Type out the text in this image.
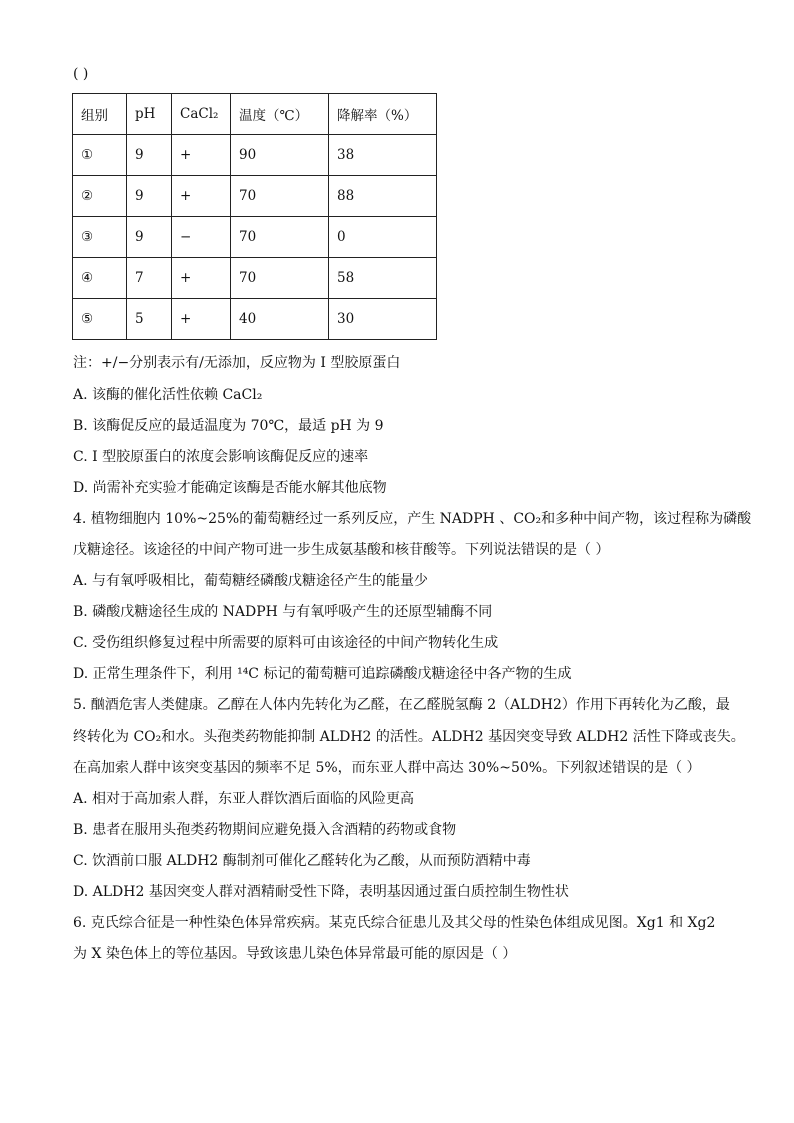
( )
组别	pH	CaCl₂	温度（℃）	降解率（%）
①	9	+	90	38
②	9	+	70	88
③	9	−	70	0
④	7	+	70	58
⑤	5	+	40	30
注：+/−分别表示有/无添加，反应物为 I 型胶原蛋白
A. 该酶的催化活性依赖 CaCl₂
B. 该酶促反应的最适温度为 70℃，最适 pH 为 9
C. I 型胶原蛋白的浓度会影响该酶促反应的速率
D. 尚需补充实验才能确定该酶是否能水解其他底物
4. 植物细胞内 10%~25%的葡萄糖经过一系列反应，产生 NADPH 、CO₂和多种中间产物，该过程称为磷酸
戊糖途径。该途径的中间产物可进一步生成氨基酸和核苷酸等。下列说法错误的是（ ）
A. 与有氧呼吸相比，葡萄糖经磷酸戊糖途径产生的能量少
B. 磷酸戊糖途径生成的 NADPH 与有氧呼吸产生的还原型辅酶不同
C. 受伤组织修复过程中所需要的原料可由该途径的中间产物转化生成
D. 正常生理条件下，利用 ¹⁴C 标记的葡萄糖可追踪磷酸戊糖途径中各产物的生成
5. 酗酒危害人类健康。乙醇在人体内先转化为乙醛，在乙醛脱氢酶 2（ALDH2）作用下再转化为乙酸，最
终转化为 CO₂和水。头孢类药物能抑制 ALDH2 的活性。ALDH2 基因突变导致 ALDH2 活性下降或丧失。
在高加索人群中该突变基因的频率不足 5%，而东亚人群中高达 30%~50%。下列叙述错误的是（ ）
A. 相对于高加索人群，东亚人群饮酒后面临的风险更高
B. 患者在服用头孢类药物期间应避免摄入含酒精的药物或食物
C. 饮酒前口服 ALDH2 酶制剂可催化乙醛转化为乙酸，从而预防酒精中毒
D. ALDH2 基因突变人群对酒精耐受性下降，表明基因通过蛋白质控制生物性状
6. 克氏综合征是一种性染色体异常疾病。某克氏综合征患儿及其父母的性染色体组成见图。Xg1 和 Xg2
为 X 染色体上的等位基因。导致该患儿染色体异常最可能的原因是（ ）
